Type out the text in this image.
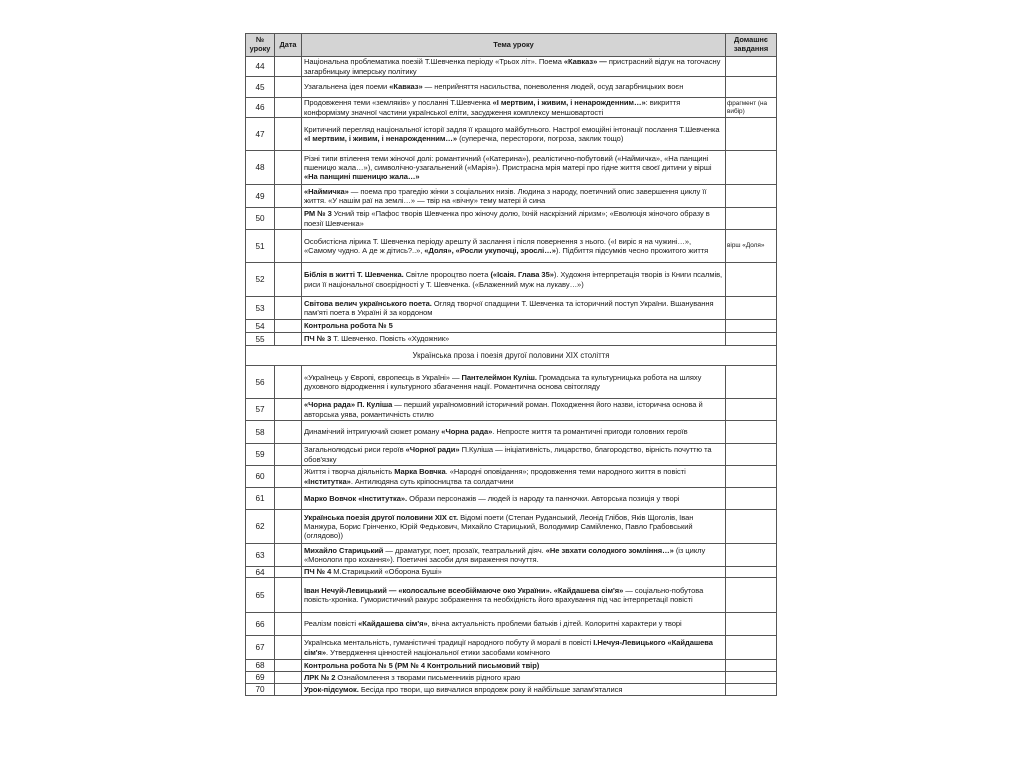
№ уроку	Дата	Тема уроку	Домашнє завдання
44		Національна проблематика поезій Т.Шевченка періоду «Трьох літ». Поема «Кавказ» — пристрасний відгук на тогочасну загарбницьку імперську політику	
45		Узагальнена ідея поеми «Кавказ» — неприйняття насильства, поневолення людей, осуд загарбницьких воєн	
46		Продовження теми «земляків» у посланні Т.Шевченка «І мертвим, і живим, і ненарожденним…»: викриття конформізму значної частини української еліти, засудження комплексу меншовартості	фрагмент (на вибір)
47		Критичний перегляд національної історії задля її кращого майбутнього. Настрої емоційні інтонації послання Т.Шевченка «І мертвим, і живим, і ненарожденним…» (суперечка, перестороги, погроза, заклик тощо)	
48		Різні типи втілення теми жіночої долі: романтичний («Катерина»), реалістично-побутовий («Наймичка», «На панщині пшеницю жала…»), символічно-узагальнений («Марія»). Пристрасна мрія матері про гідне життя своєї дитини у вірші «На панщині пшеницю жала…»	
49		«Наймичка» — поема про трагедію жінки з соціальних низів. Людина з народу, поетичний опис завершення циклу її життя. «У нашім раї на землі…» — твір на «вічну» тему матері й сина	
50		РМ № 3 Усний твір «Пафос творів Шевченка про жіночу долю, їхній наскрізний ліризм»; «Еволюція жіночого образу в поезії Шевченка»	
51		Особистісна лірика Т. Шевченка періоду арешту й заслання і після повернення з нього. («І виріс я на чужині…», «Самому чудно. А де ж дітись?..», «Доля», «Росли укупочці, зрослі…»). Підбиття підсумків чесно прожитого життя	вірш «Доля»
52		Біблія в житті Т. Шевченка. Світле пророцтво поета («Ісаія. Глава 35»). Художня інтерпретація творів із Книги псалмів, риси її національної своєрідності у Т. Шевченка. («Блаженний муж на лукаву…»)	
53		Світова велич українського поета. Огляд творчої спадщини Т. Шевченка та історичний поступ України. Вшанування пам'яті поета в Україні й за кордоном	
54		Контрольна робота № 5	
55		ПЧ № 3 Т. Шевченко. Повість «Художник»	
Українська проза і поезія другої половини ХІХ століття			
56		«Українець у Європі, європеєць в Україні» — Пантелеймон Куліш. Громадська та культурницька робота на шляху духовного відродження і культурного збагачення нації. Романтична основа світогляду	
57		«Чорна рада» П. Куліша — перший україномовний історичний роман. Походження його назви, історична основа й авторська уява, романтичність стилю	
58		Динамічний інтригуючий сюжет роману «Чорна рада». Непросте життя та романтичні пригоди головних героїв	
59		Загальнолюдські риси героїв «Чорної ради» П.Куліша — ініціативність, лицарство, благородство, вірність почуттю та обов'язку	
60		Життя і творча діяльність Марка Вовчка. «Народні оповідання»; продовження теми народного життя в повісті «Інститутка». Антилюдяна суть кріпосництва та солдатчини	
61		Марко Вовчок «Інститутка». Образи персонажів — людей із народу та панночки. Авторська позиція у творі	
62		Українська поезія другої половини ХІХ ст. Відомі поети (Степан Руданський, Леонід Глібов, Яків Щоголів, Іван Манжура, Борис Грінченко, Юрій Федькович, Михайло Старицький, Володимир Самійленко, Павло Грабовський (оглядово))	
63		Михайло Старицький — драматург, поет, прозаїк, театральний діяч. «Не звхати солодкого зомління…» (із циклу «Монологи про кохання»). Поетичні засоби для вираження почуття.	
64		ПЧ № 4 М.Старицький «Оборона Буші»	
65		Іван Нечуй-Левицький — «колосальне всеобіймаюче око України». «Кайдашева сім'я» — соціально-побутова повість-хроніка. Гумористичний ракурс зображення та необхідність його врахування під час інтерпретації повісті	
66		Реалізм повісті «Кайдашева сім'я», вічна актуальність проблеми батьків і дітей. Колоритні характери у творі	
67		Українська ментальність, гуманістичні традиції народного побуту й моралі в повісті І.Нечуя-Левицького «Кайдашева сім'я». Утвердження цінностей національної етики засобами комічного	
68		Контрольна робота № 5 (РМ № 4 Контрольний письмовий твір)	
69		ЛРК № 2 Ознайомлення з творами письменників рідного краю	
70		Урок-підсумок. Бесіда про твори, що вивчалися впродовж року й найбільше запам'яталися	
